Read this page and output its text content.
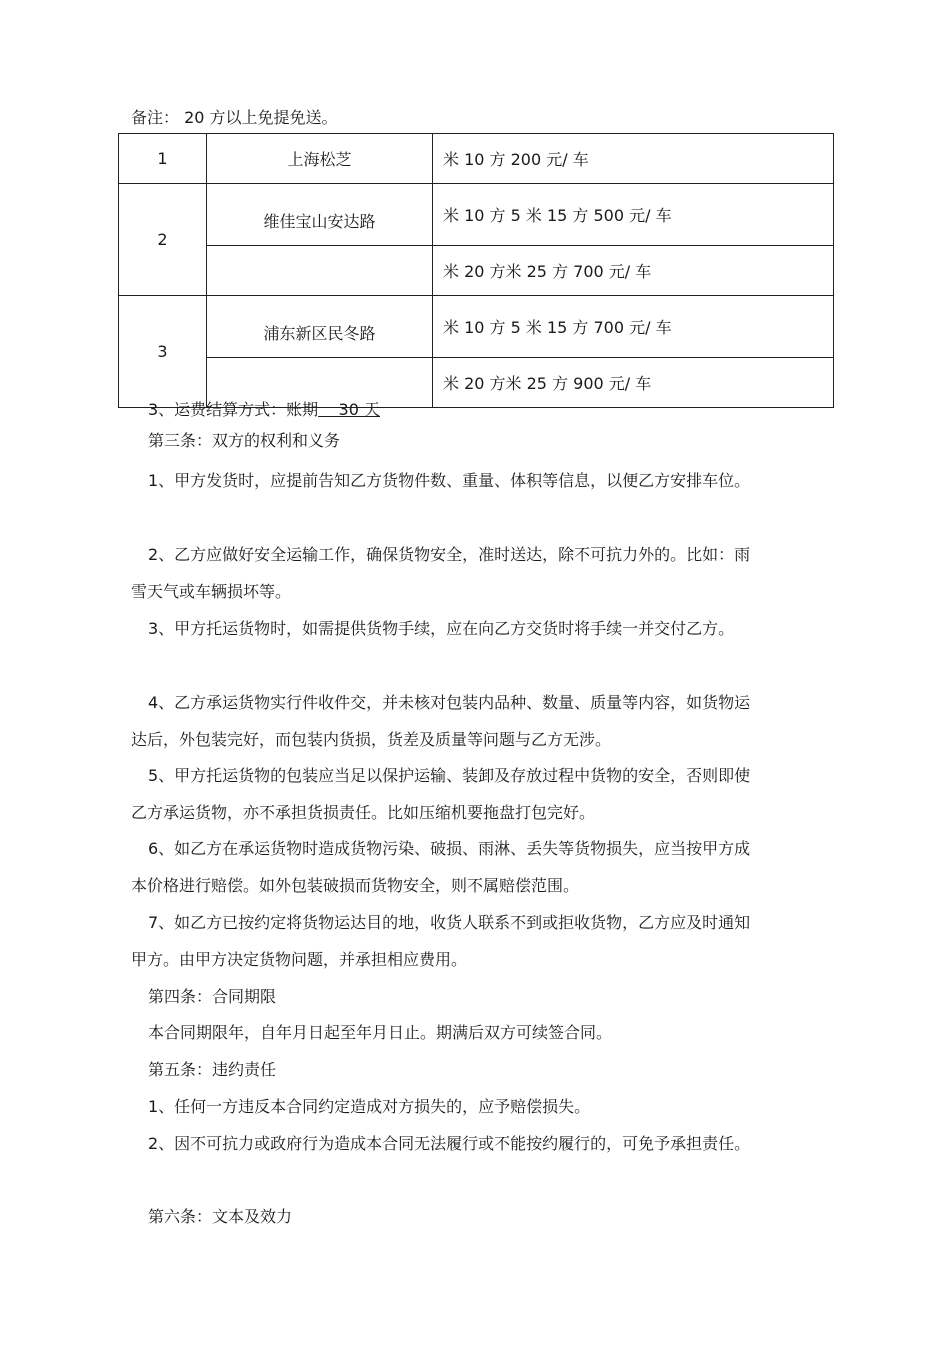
备注： 20 方以上免提免送。
1	上海松芝	米 10 方 200 元/ 车
2	维佳宝山安达路	米 10 方 5 米 15 方 500 元/ 车
		米 20 方米 25 方 700 元/ 车
3	浦东新区民冬路	米 10 方 5 米 15 方 700 元/ 车
		米 20 方米 25 方 900 元/ 车

3、运费结算方式：账期    30 天

第三条：双方的权利和义务

1、甲方发货时，应提前告知乙方货物件数、重量、体积等信息，以便乙方安排车位。

2、乙方应做好安全运输工作，确保货物安全，准时送达，除不可抗力外的。比如：雨雪天气或车辆损坏等。

3、甲方托运货物时，如需提供货物手续，应在向乙方交货时将手续一并交付乙方。

4、乙方承运货物实行件收件交，并未核对包装内品种、数量、质量等内容，如货物运达后，外包装完好，而包装内货损，货差及质量等问题与乙方无涉。

5、甲方托运货物的包装应当足以保护运输、装卸及存放过程中货物的安全，否则即使乙方承运货物，亦不承担货损责任。比如压缩机要拖盘打包完好。

6、如乙方在承运货物时造成货物污染、破损、雨淋、丢失等货物损失，应当按甲方成本价格进行赔偿。如外包装破损而货物安全，则不属赔偿范围。

7、如乙方已按约定将货物运达目的地，收货人联系不到或拒收货物，乙方应及时通知甲方。由甲方决定货物问题，并承担相应费用。

第四条：合同期限

本合同期限年，自年月日起至年月日止。期满后双方可续签合同。

第五条：违约责任

1、任何一方违反本合同约定造成对方损失的，应予赔偿损失。

2、因不可抗力或政府行为造成本合同无法履行或不能按约履行的，可免予承担责任。

第六条：文本及效力
